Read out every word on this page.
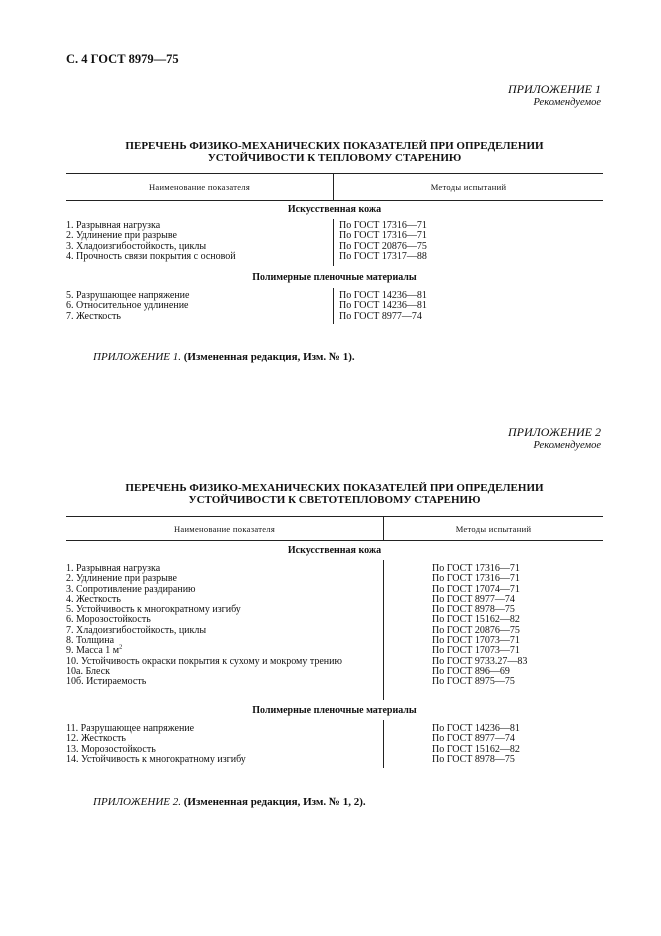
С. 4 ГОСТ 8979—75
ПРИЛОЖЕНИЕ 1
Рекомендуемое
ПЕРЕЧЕНЬ ФИЗИКО-МЕХАНИЧЕСКИХ ПОКАЗАТЕЛЕЙ ПРИ ОПРЕДЕЛЕНИИ
УСТОЙЧИВОСТИ К ТЕПЛОВОМУ СТАРЕНИЮ
Наименование показателя	Методы испытаний
Искусственная кожа
1. Разрывная нагрузка
2. Удлинение при разрыве
3. Хладоизгибостойкость, циклы
4. Прочность связи покрытия с основой
По ГОСТ 17316—71
По ГОСТ 17316—71
По ГОСТ 20876—75
По ГОСТ 17317—88
Полимерные пленочные материалы
5. Разрушающее напряжение
6. Относительное удлинение
7. Жесткость
По ГОСТ 14236—81
По ГОСТ 14236—81
По ГОСТ 8977—74
ПРИЛОЖЕНИЕ 1. (Измененная редакция, Изм. № 1).
ПРИЛОЖЕНИЕ 2
Рекомендуемое
ПЕРЕЧЕНЬ ФИЗИКО-МЕХАНИЧЕСКИХ ПОКАЗАТЕЛЕЙ ПРИ ОПРЕДЕЛЕНИИ
УСТОЙЧИВОСТИ К СВЕТОТЕПЛОВОМУ СТАРЕНИЮ
Наименование показателя	Методы испытаний
Искусственная кожа
1. Разрывная нагрузка
2. Удлинение при разрыве
3. Сопротивление раздиранию
4. Жесткость
5. Устойчивость к многократному изгибу
6. Морозостойкость
7. Хладоизгибостойкость, циклы
8. Толщина
9. Масса 1 $м^2$
10. Устойчивость окраски покрытия к сухому и мокрому трению
10а. Блеск
10б. Истираемость
По ГОСТ 17316—71
По ГОСТ 17316—71
По ГОСТ 17074—71
По ГОСТ 8977—74
По ГОСТ 8978—75
По ГОСТ 15162—82
По ГОСТ 20876—75
По ГОСТ 17073—71
По ГОСТ 17073—71
По ГОСТ 9733.27—83
По ГОСТ 896—69
По ГОСТ 8975—75
Полимерные пленочные материалы
11. Разрушающее напряжение
12. Жесткость
13. Морозостойкость
14. Устойчивость к многократному изгибу
По ГОСТ 14236—81
По ГОСТ 8977—74
По ГОСТ 15162—82
По ГОСТ 8978—75
ПРИЛОЖЕНИЕ 2. (Измененная редакция, Изм. № 1, 2).
